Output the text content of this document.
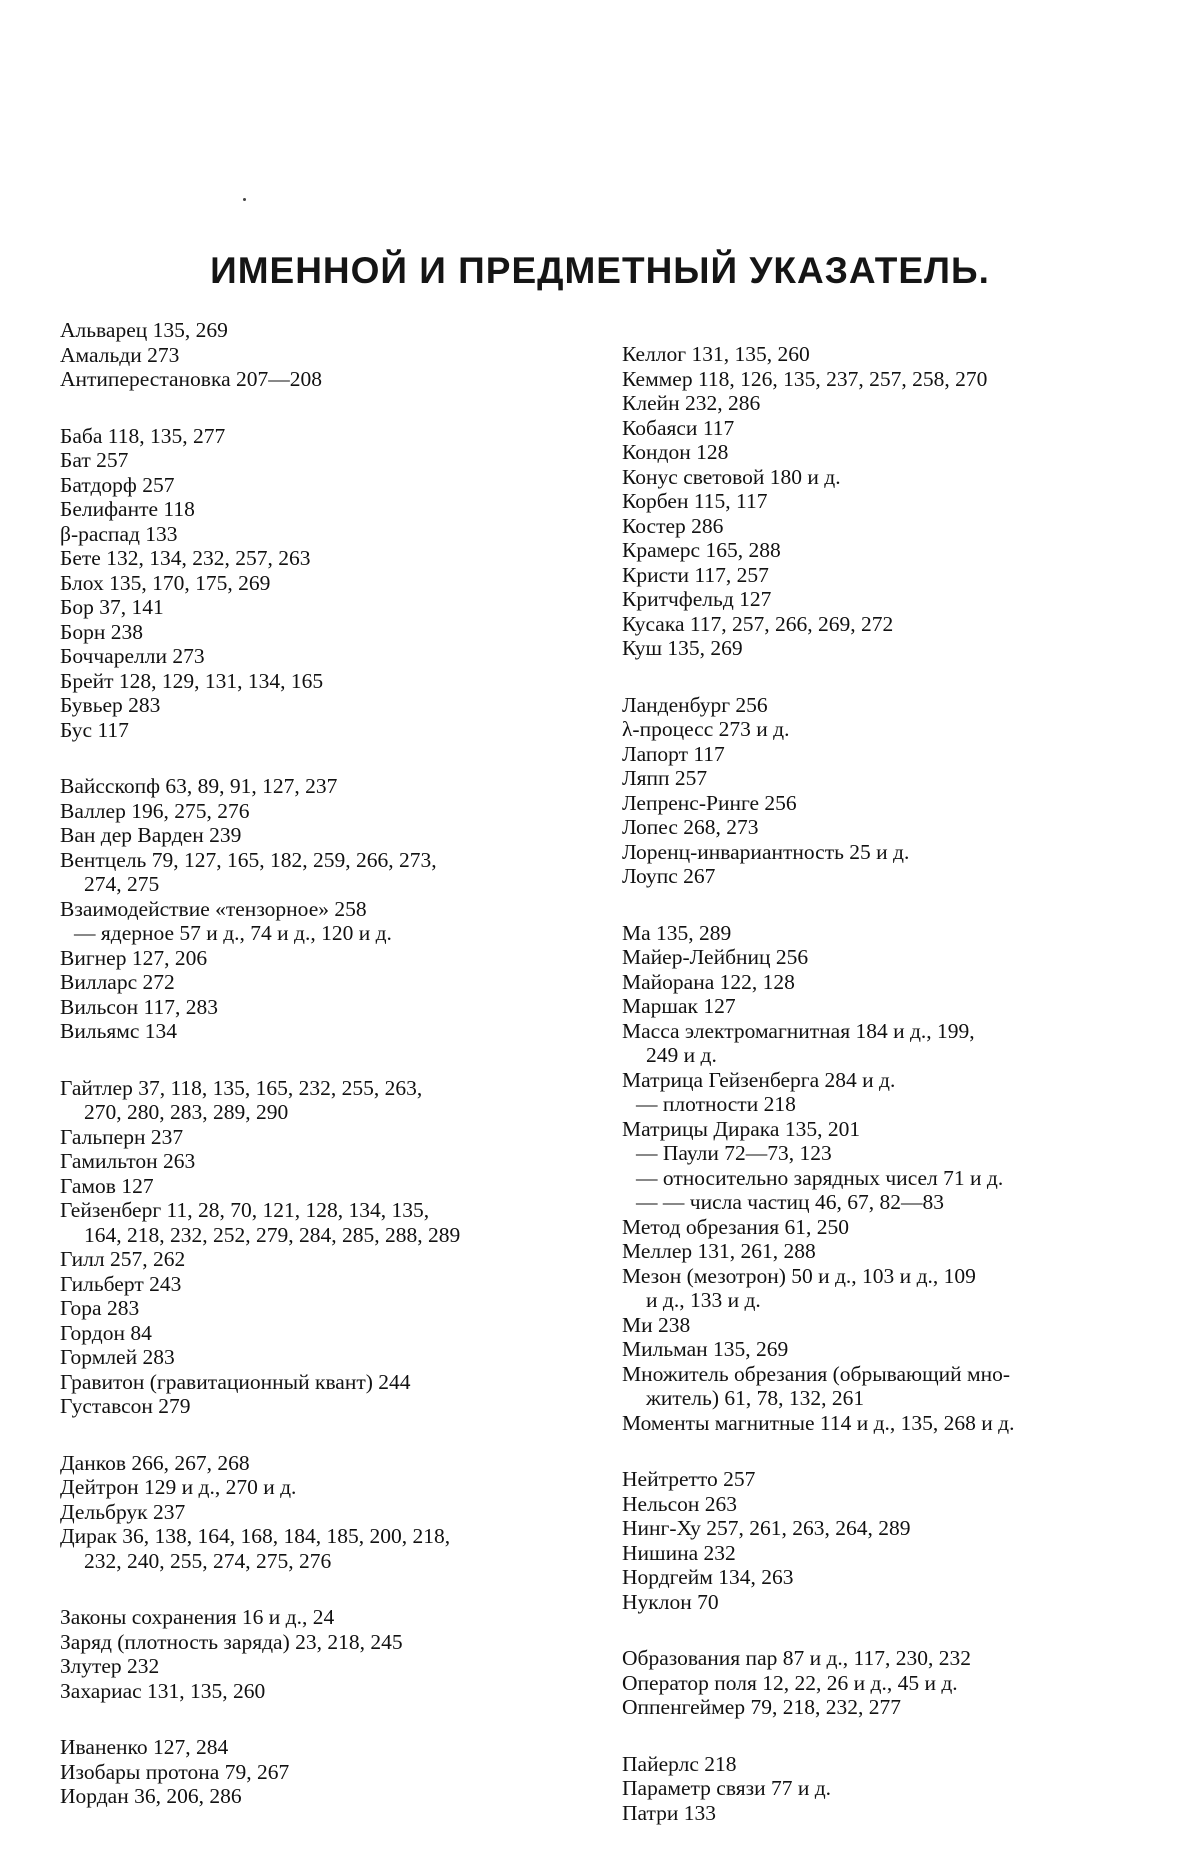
ИМЕННОЙ И ПРЕДМЕТНЫЙ УКАЗАТЕЛЬ.
Альварец 135, 269
Амальди 273
Антиперестановка 207—208
Баба 118, 135, 277
Бат 257
Батдорф 257
Белифанте 118
β-распад 133
Бете 132, 134, 232, 257, 263
Блох 135, 170, 175, 269
Бор 37, 141
Борн 238
Боччарелли 273
Брейт 128, 129, 131, 134, 165
Бувьер 283
Бус 117
Вайсскопф 63, 89, 91, 127, 237
Валлер 196, 275, 276
Ван дер Варден 239
Вентцель 79, 127, 165, 182, 259, 266, 273,
274, 275
Взаимодействие «тензорное» 258
— ядерное 57 и д., 74 и д., 120 и д.
Вигнер 127, 206
Вилларс 272
Вильсон 117, 283
Вильямс 134
Гайтлер 37, 118, 135, 165, 232, 255, 263,
270, 280, 283, 289, 290
Гальперн 237
Гамильтон 263
Гамов 127
Гейзенберг 11, 28, 70, 121, 128, 134, 135,
164, 218, 232, 252, 279, 284, 285, 288, 289
Гилл 257, 262
Гильберт 243
Гора 283
Гордон 84
Гормлей 283
Гравитон (гравитационный квант) 244
Густавсон 279
Данков 266, 267, 268
Дейтрон 129 и д., 270 и д.
Дельбрук 237
Дирак 36, 138, 164, 168, 184, 185, 200, 218,
232, 240, 255, 274, 275, 276
Законы сохранения 16 и д., 24
Заряд (плотность заряда) 23, 218, 245
Злутер 232
Захариас 131, 135, 260
Иваненко 127, 284
Изобары протона 79, 267
Иордан 36, 206, 286
Келлог 131, 135, 260
Кеммер 118, 126, 135, 237, 257, 258, 270
Клейн 232, 286
Кобаяси 117
Кондон 128
Конус световой 180 и д.
Корбен 115, 117
Костер 286
Крамерс 165, 288
Кристи 117, 257
Критчфельд 127
Кусака 117, 257, 266, 269, 272
Куш 135, 269
Ланденбург 256
λ-процесс 273 и д.
Лапорт 117
Ляпп 257
Лепренс-Ринге 256
Лопес 268, 273
Лоренц-инвариантность 25 и д.
Лоупс 267
Ма 135, 289
Майер-Лейбниц 256
Майорана 122, 128
Маршак 127
Масса электромагнитная 184 и д., 199,
249 и д.
Матрица Гейзенберга 284 и д.
— плотности 218
Матрицы Дирака 135, 201
— Паули 72—73, 123
— относительно зарядных чисел 71 и д.
— — числа частиц 46, 67, 82—83
Метод обрезания 61, 250
Меллер 131, 261, 288
Мезон (мезотрон) 50 и д., 103 и д., 109
и д., 133 и д.
Ми 238
Мильман 135, 269
Множитель обрезания (обрывающий мно-
житель) 61, 78, 132, 261
Моменты магнитные 114 и д., 135, 268 и д.
Нейтретто 257
Нельсон 263
Нинг-Ху 257, 261, 263, 264, 289
Нишина 232
Нордгейм 134, 263
Нуклон 70
Образования пар 87 и д., 117, 230, 232
Оператор поля 12, 22, 26 и д., 45 и д.
Оппенгеймер 79, 218, 232, 277
Пайерлс 218
Параметр связи 77 и д.
Патри 133
